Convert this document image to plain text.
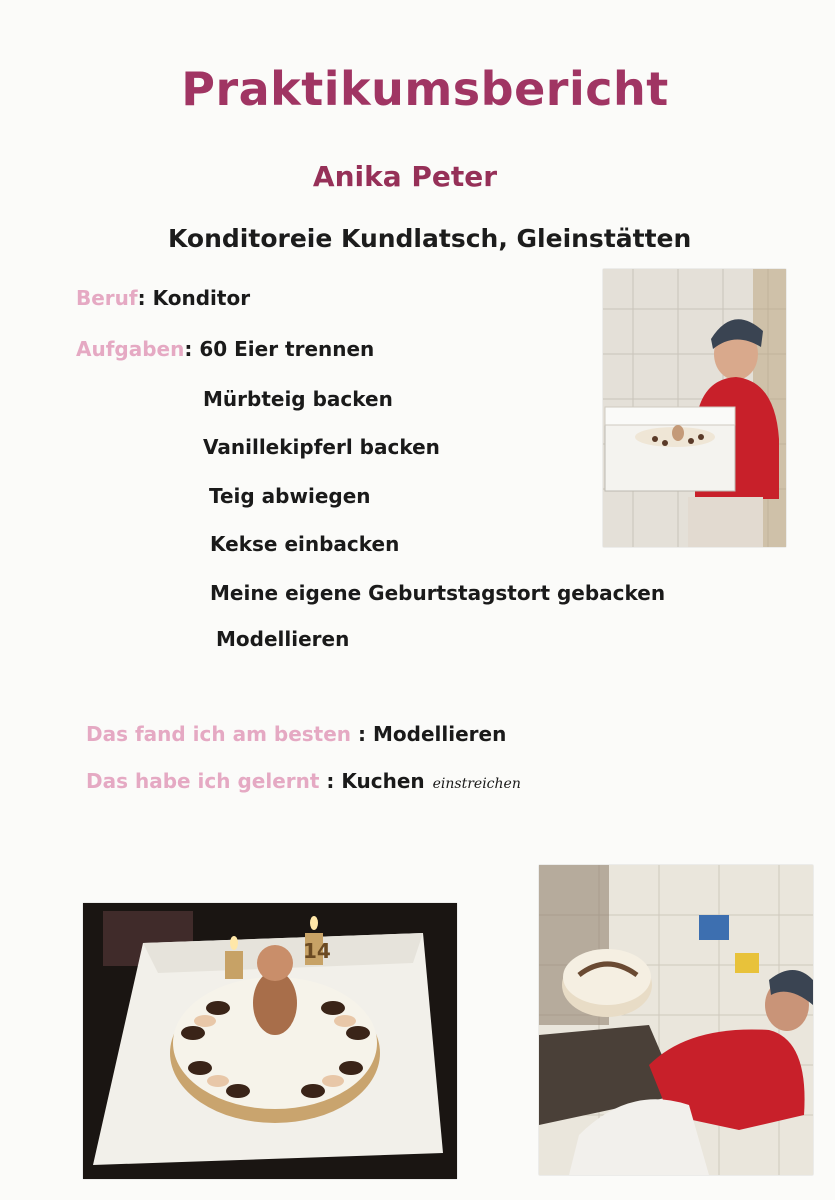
Praktikumsbericht
Anika Peter
Konditoreie Kundlatsch, Gleinstätten
Beruf: Konditor
Aufgaben: 60 Eier trennen
Mürbteig backen
Vanillekipferl backen
Teig abwiegen
Kekse einbacken
Meine eigene Geburtstagstort gebacken
Modellieren
Das fand ich am besten : Modellieren
Das habe ich gelernt : Kuchen einstreichen
14
